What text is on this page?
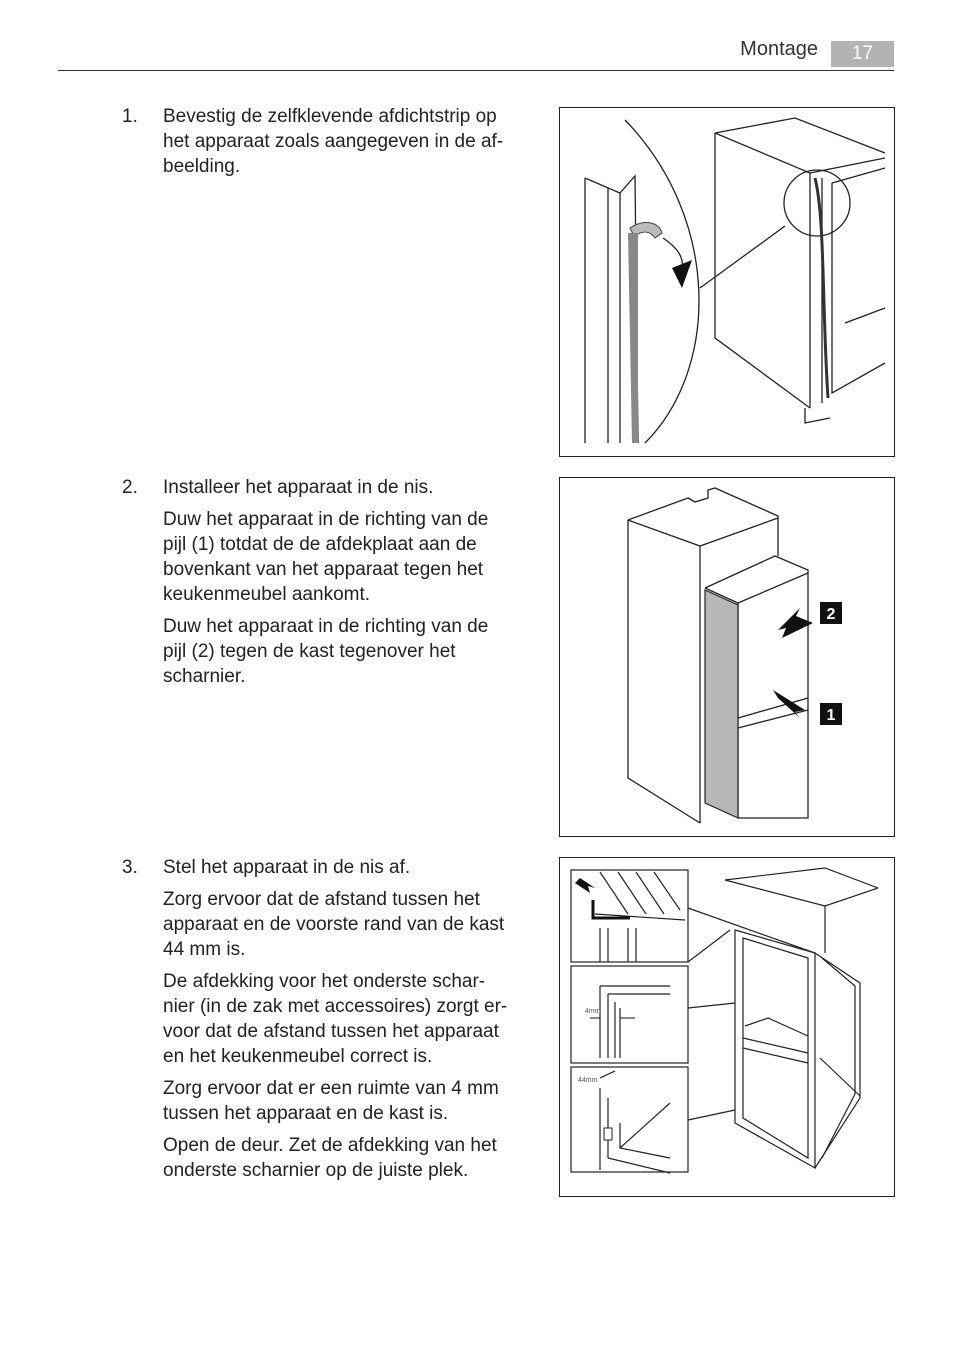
Montage	17
1. Bevestig de zelfklevende afdichtstrip op het apparaat zoals aangegeven in de af- beelding.

2. Installeer het apparaat in de nis.

Duw het apparaat in de richting van de pijl (1) totdat de de afdekplaat aan de bovenkant van het apparaat tegen het keukenmeubel aankomt.

Duw het apparaat in de richting van de pijl (2) tegen de kast tegenover het scharnier.

3. Stel het apparaat in de nis af.

Zorg ervoor dat de afstand tussen het apparaat en de voorste rand van de kast 44 mm is.

De afdekking voor het onderste schar- nier (in de zak met accessoires) zorgt er- voor dat de afstand tussen het apparaat en het keukenmeubel correct is.

Zorg ervoor dat er een ruimte van 4 mm tussen het apparaat en de kast is.

Open de deur. Zet de afdekking van het onderste scharnier op de juiste plek.

2
1
4mm
44mm
